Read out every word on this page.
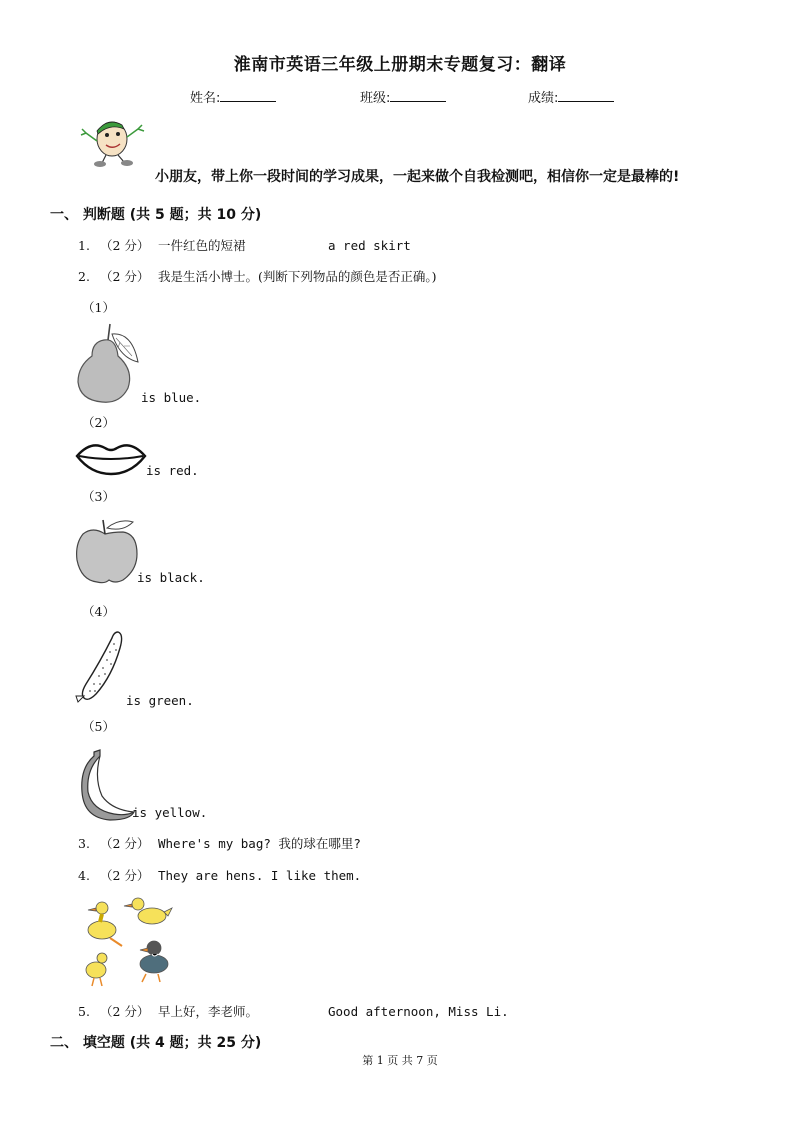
淮南市英语三年级上册期末专题复习：翻译
姓名:	班级:	成绩:
小朋友，带上你一段时间的学习成果，一起来做个自我检测吧，相信你一定是最棒的!
一、 判断题 (共 5 题；共 10 分)
1. （2 分） 一件红色的短裙	a red skirt
2. （2 分） 我是生活小博士。(判断下列物品的颜色是否正确。)
（1）
is blue.
（2）
is red.
（3）
is black.
（4）
is green.
（5）
is yellow.
3. （2 分） Where's my bag? 我的球在哪里?
4. （2 分） They are hens. I like them.
5. （2 分） 早上好，李老师。	Good afternoon, Miss Li.
二、 填空题 (共 4 题；共 25 分)
第 1 页 共 7 页
